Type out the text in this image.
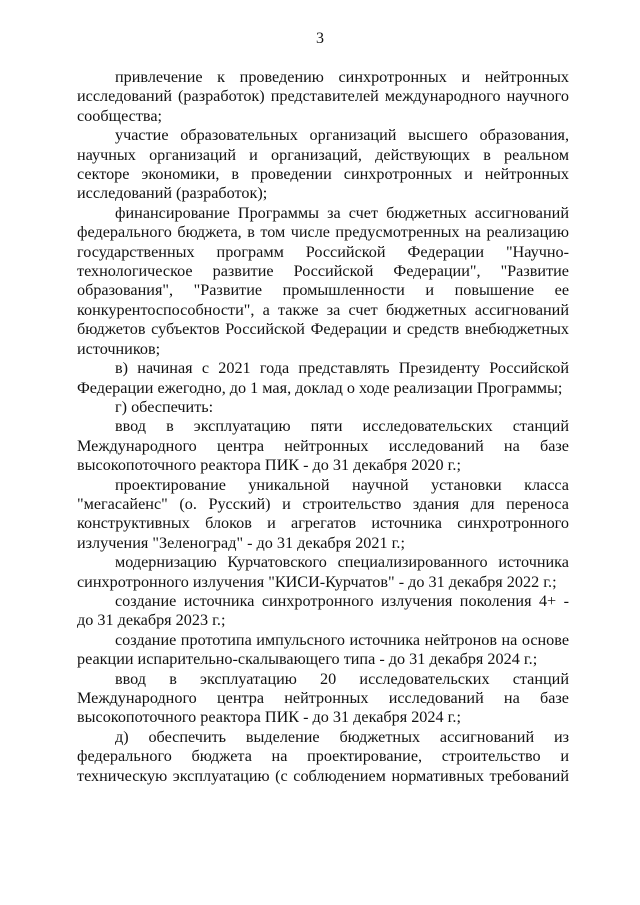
3

привлечение к проведению синхротронных и нейтронных исследований (разработок) представителей международного научного сообщества;

участие образовательных организаций высшего образования, научных организаций и организаций, действующих в реальном секторе экономики, в проведении синхротронных и нейтронных исследований (разработок);

финансирование Программы за счет бюджетных ассигнований федерального бюджета, в том числе предусмотренных на реализацию государственных программ Российской Федерации "Научно-технологическое развитие Российской Федерации", "Развитие образования", "Развитие промышленности и повышение ее конкурентоспособности", а также за счет бюджетных ассигнований бюджетов субъектов Российской Федерации и средств внебюджетных источников;

в) начиная с 2021 года представлять Президенту Российской Федерации ежегодно, до 1 мая, доклад о ходе реализации Программы;

г) обеспечить:

ввод в эксплуатацию пяти исследовательских станций Международного центра нейтронных исследований на базе высокопоточного реактора ПИК - до 31 декабря 2020 г.;

проектирование уникальной научной установки класса "мегасайенс" (о. Русский) и строительство здания для переноса конструктивных блоков и агрегатов источника синхротронного излучения "Зеленоград" - до 31 декабря 2021 г.;

модернизацию Курчатовского специализированного источника синхротронного излучения "КИСИ-Курчатов" - до 31 декабря 2022 г.;

создание источника синхротронного излучения поколения 4+ - до 31 декабря 2023 г.;

создание прототипа импульсного источника нейтронов на основе реакции испарительно-скалывающего типа - до 31 декабря 2024 г.;

ввод в эксплуатацию 20 исследовательских станций Международного центра нейтронных исследований на базе высокопоточного реактора ПИК - до 31 декабря 2024 г.;

д) обеспечить выделение бюджетных ассигнований из федерального бюджета на проектирование, строительство и техническую эксплуатацию (с соблюдением нормативных требований
